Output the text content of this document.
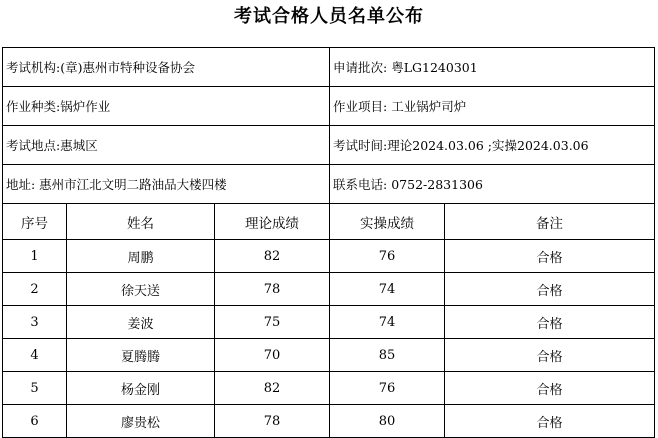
考试合格人员名单公布
考试机构:(章)惠州市特种设备协会			申请批次: 粤LG1240301	
作业种类:锅炉作业			作业项目: 工业锅炉司炉	
考试地点:惠城区			考试时间:理论2024.03.06 ;实操2024.03.06	
地址: 惠州市江北文明二路油品大楼四楼			联系电话: 0752-2831306	
序号	姓名	理论成绩	实操成绩	备注
1	周鹏	82	76	合格
2	徐天送	78	74	合格
3	姜波	75	74	合格
4	夏腾腾	70	85	合格
5	杨金刚	82	76	合格
6	廖贵松	78	80	合格
